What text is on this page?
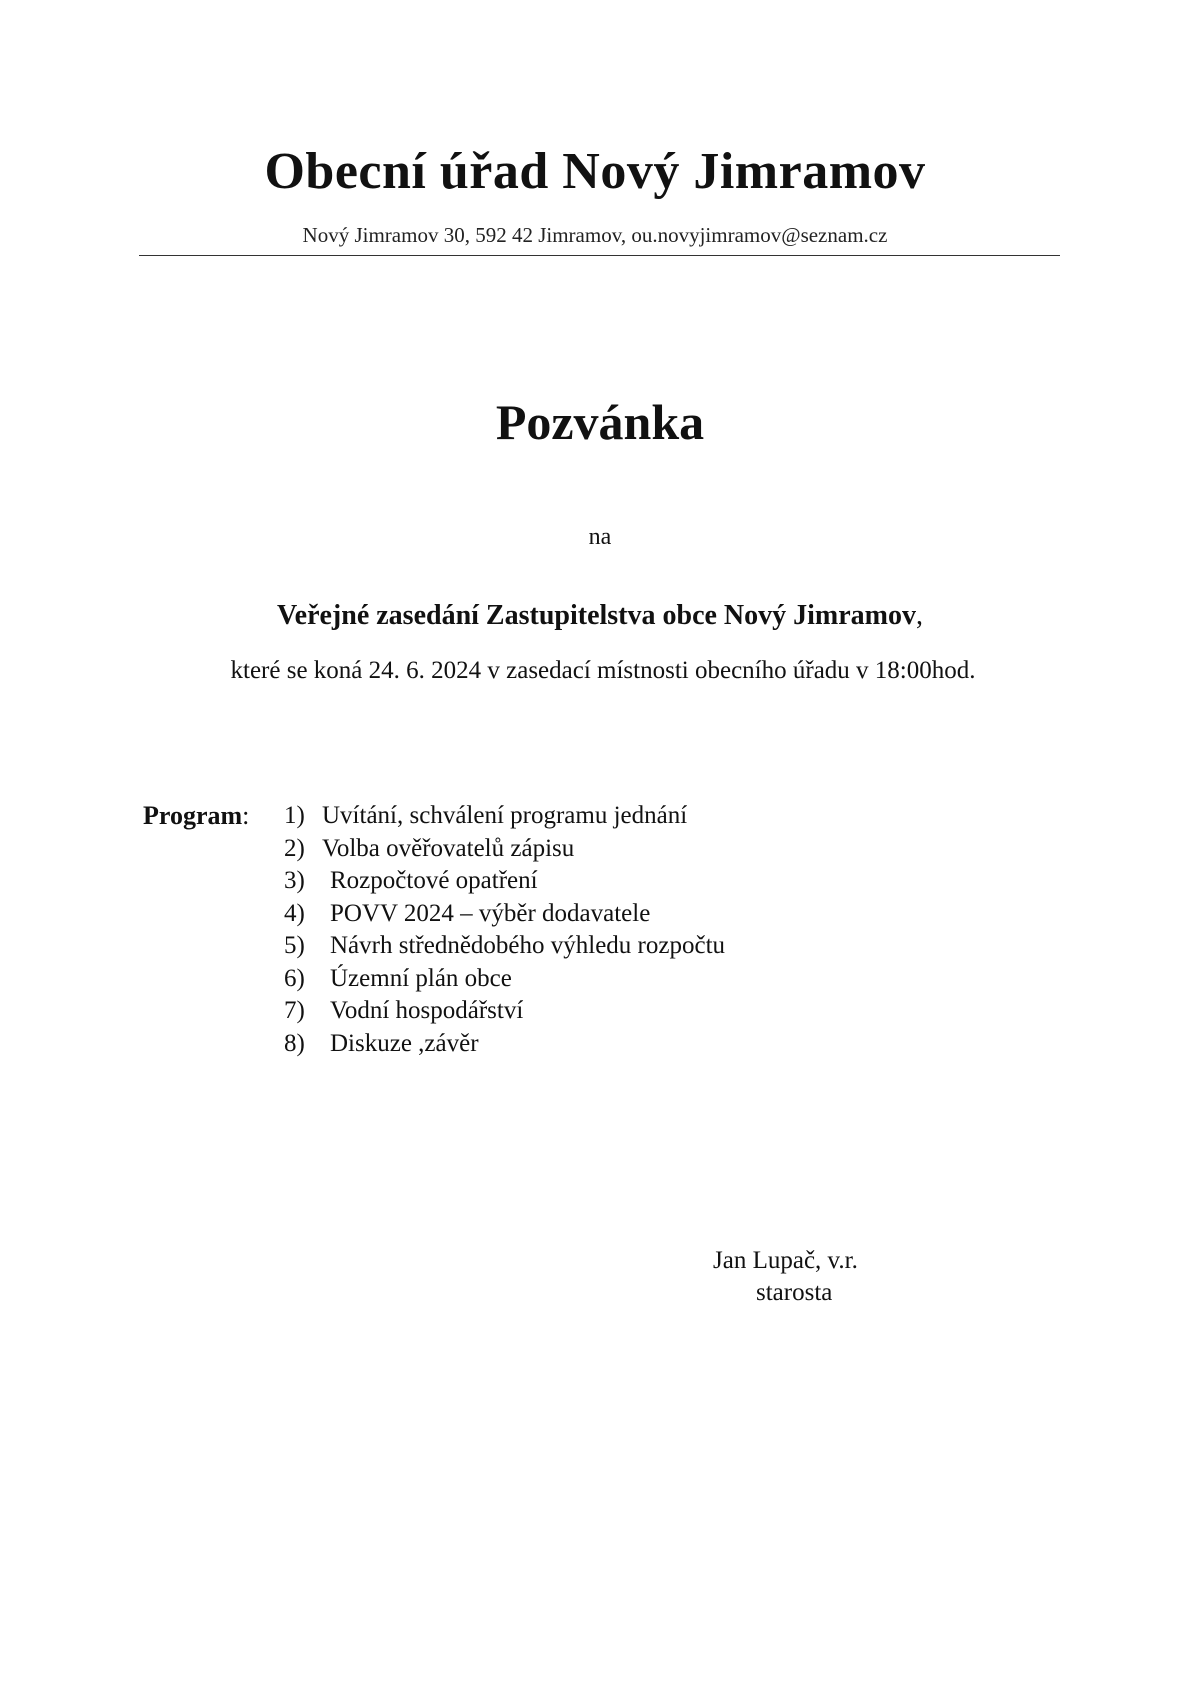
Obecní úřad Nový Jimramov
Nový Jimramov 30, 592 42 Jimramov, ou.novyjimramov@seznam.cz
Pozvánka
na
Veřejné zasedání Zastupitelstva obce Nový Jimramov,
které se koná 24. 6. 2024 v zasedací místnosti obecního úřadu v 18:00hod.
Program: 1) Uvítání, schválení programu jednání
2) Volba ověřovatelů zápisu
3) Rozpočtové opatření
4) POVV 2024 – výběr dodavatele
5) Návrh střednědobého výhledu rozpočtu
6) Územní plán obce
7) Vodní hospodářství
8) Diskuze ,závěr
Jan Lupač, v.r.
starosta
